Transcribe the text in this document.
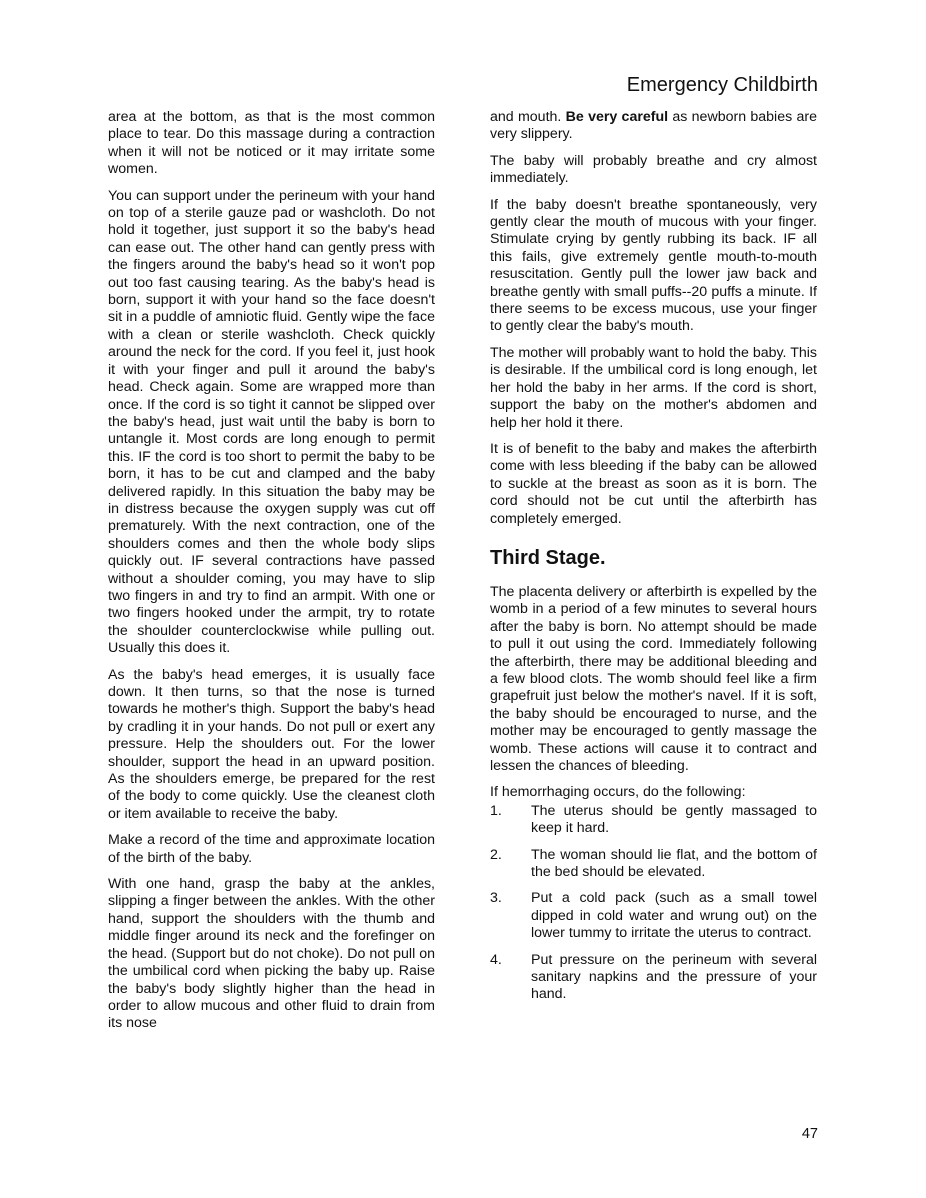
Emergency Childbirth

area at the bottom, as that is the most common place to tear. Do this massage during a contraction when it will not be noticed or it may irritate some women.

You can support under the perineum with your hand on top of a sterile gauze pad or washcloth. Do not hold it together, just support it so the baby's head can ease out. The other hand can gently press with the fingers around the baby's head so it won't pop out too fast causing tearing. As the baby's head is born, support it with your hand so the face doesn't sit in a puddle of amniotic fluid. Gently wipe the face with a clean or sterile washcloth. Check quickly around the neck for the cord. If you feel it, just hook it with your finger and pull it around the baby's head. Check again. Some are wrapped more than once. If the cord is so tight it cannot be slipped over the baby's head, just wait until the baby is born to untangle it. Most cords are long enough to permit this. IF the cord is too short to permit the baby to be born, it has to be cut and clamped and the baby delivered rapidly. In this situation the baby may be in distress because the oxygen supply was cut off prematurely. With the next contraction, one of the shoulders comes and then the whole body slips quickly out. IF several contractions have passed without a shoulder coming, you may have to slip two fingers in and try to find an armpit. With one or two fingers hooked under the armpit, try to rotate the shoulder counterclockwise while pulling out. Usually this does it.

As the baby's head emerges, it is usually face down. It then turns, so that the nose is turned towards he mother's thigh. Support the baby's head by cradling it in your hands. Do not pull or exert any pressure. Help the shoulders out. For the lower shoulder, support the head in an upward position. As the shoulders emerge, be prepared for the rest of the body to come quickly. Use the cleanest cloth or item available to receive the baby.

Make a record of the time and approximate location of the birth of the baby.

With one hand, grasp the baby at the ankles, slipping a finger between the ankles. With the other hand, support the shoulders with the thumb and middle finger around its neck and the forefinger on the head. (Support but do not choke). Do not pull on the umbilical cord when picking the baby up. Raise the baby's body slightly higher than the head in order to allow mucous and other fluid to drain from its nose

and mouth. Be very careful as newborn babies are very slippery.

The baby will probably breathe and cry almost immediately.

If the baby doesn't breathe spontaneously, very gently clear the mouth of mucous with your finger. Stimulate crying by gently rubbing its back. IF all this fails, give extremely gentle mouth-to-mouth resuscitation. Gently pull the lower jaw back and breathe gently with small puffs--20 puffs a minute. If there seems to be excess mucous, use your finger to gently clear the baby's mouth.

The mother will probably want to hold the baby. This is desirable. If the umbilical cord is long enough, let her hold the baby in her arms. If the cord is short, support the baby on the mother's abdomen and help her hold it there.

It is of benefit to the baby and makes the afterbirth come with less bleeding if the baby can be allowed to suckle at the breast as soon as it is born. The cord should not be cut until the afterbirth has completely emerged.

Third Stage.

The placenta delivery or afterbirth is expelled by the womb in a period of a few minutes to several hours after the baby is born. No attempt should be made to pull it out using the cord. Immediately following the afterbirth, there may be additional bleeding and a few blood clots. The womb should feel like a firm grapefruit just below the mother's navel. If it is soft, the baby should be encouraged to nurse, and the mother may be encouraged to gently massage the womb. These actions will cause it to contract and lessen the chances of bleeding.

If hemorrhaging occurs, do the following:

1. The uterus should be gently massaged to keep it hard.

2. The woman should lie flat, and the bottom of the bed should be elevated.

3. Put a cold pack (such as a small towel dipped in cold water and wrung out) on the lower tummy to irritate the uterus to contract.

4. Put pressure on the perineum with several sanitary napkins and the pressure of your hand.

47
